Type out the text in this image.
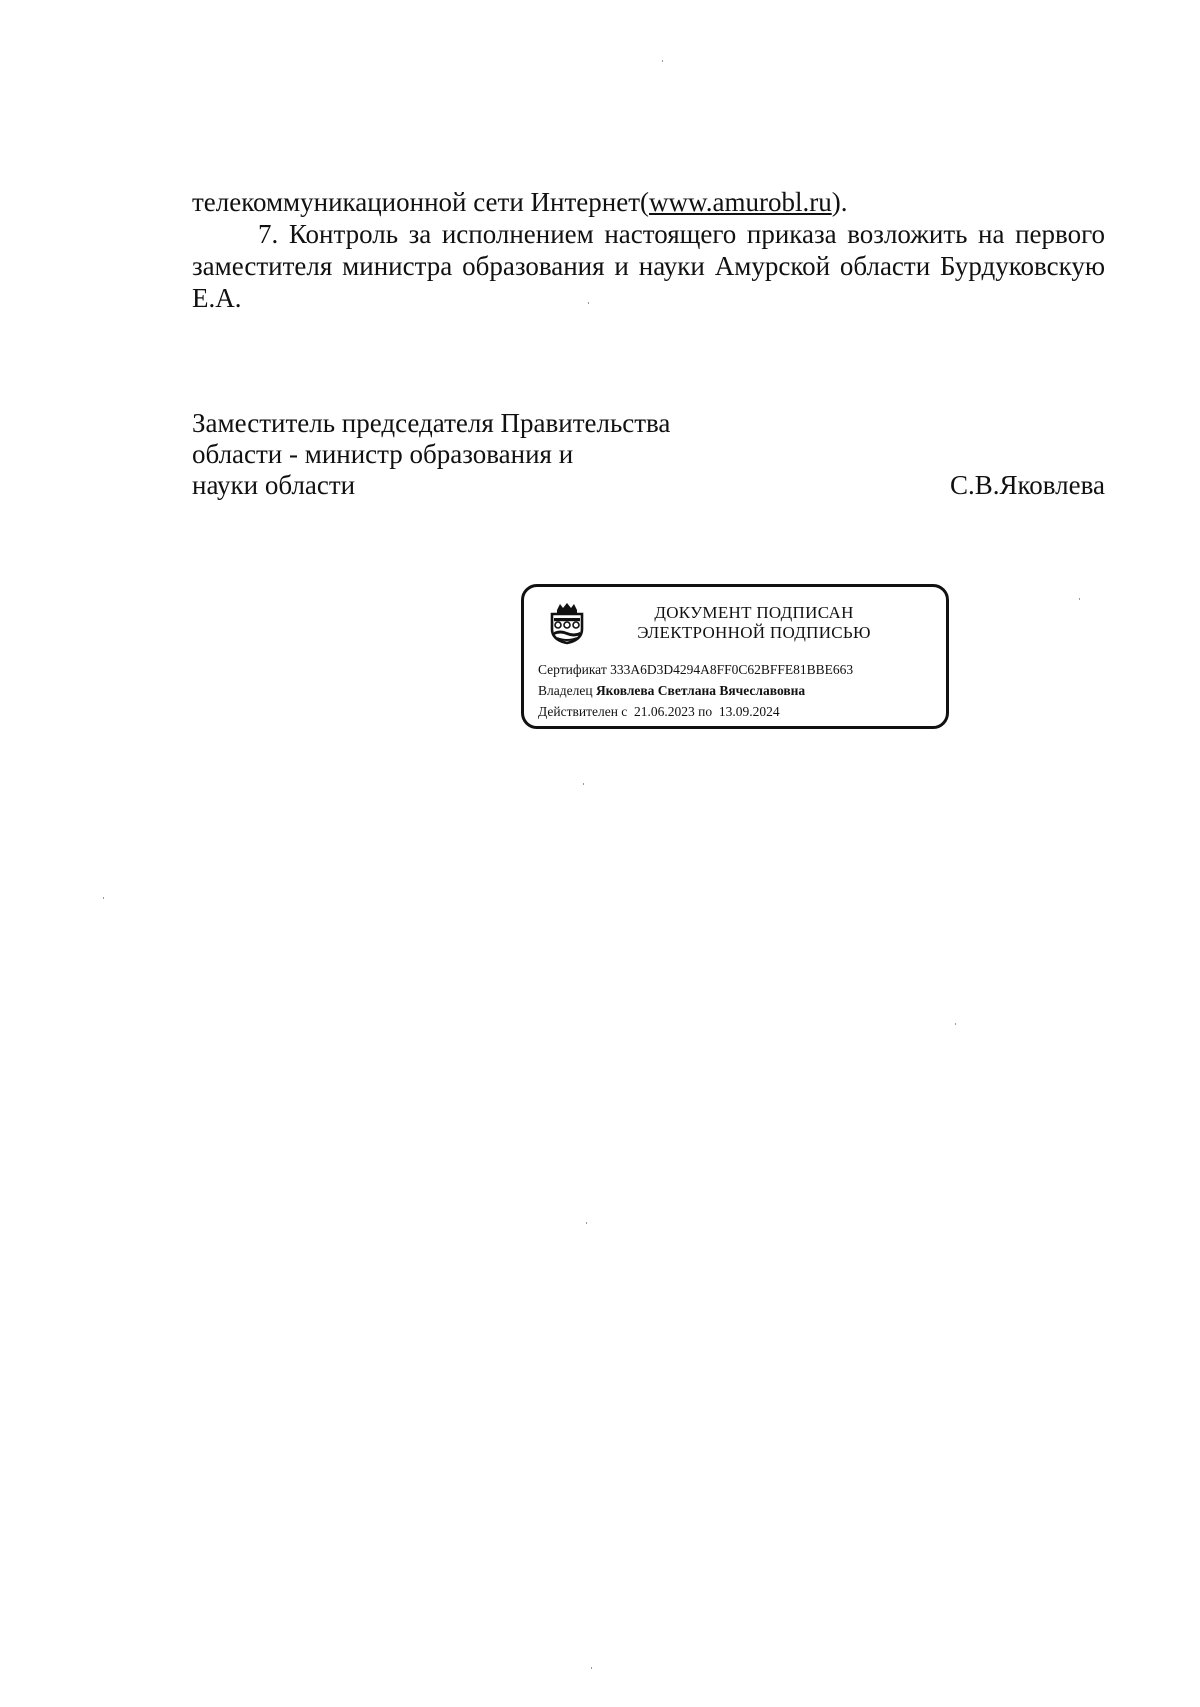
телекоммуникационной сети Интернет(www.amurobl.ru).
7. Контроль за исполнением настоящего приказа возложить на первого
заместителя министра образования и науки Амурской области Бурдуковскую
Е.А.
Заместитель председателя Правительства
области - министр образования и
науки области	С.В.Яковлева
ДОКУМЕНТ ПОДПИСАН
ЭЛЕКТРОННОЙ ПОДПИСЬЮ
Сертификат 333A6D3D4294A8FF0C62BFFE81BBE663
Владелец Яковлева Светлана Вячеславовна
Действителен с 21.06.2023 по 13.09.2024
